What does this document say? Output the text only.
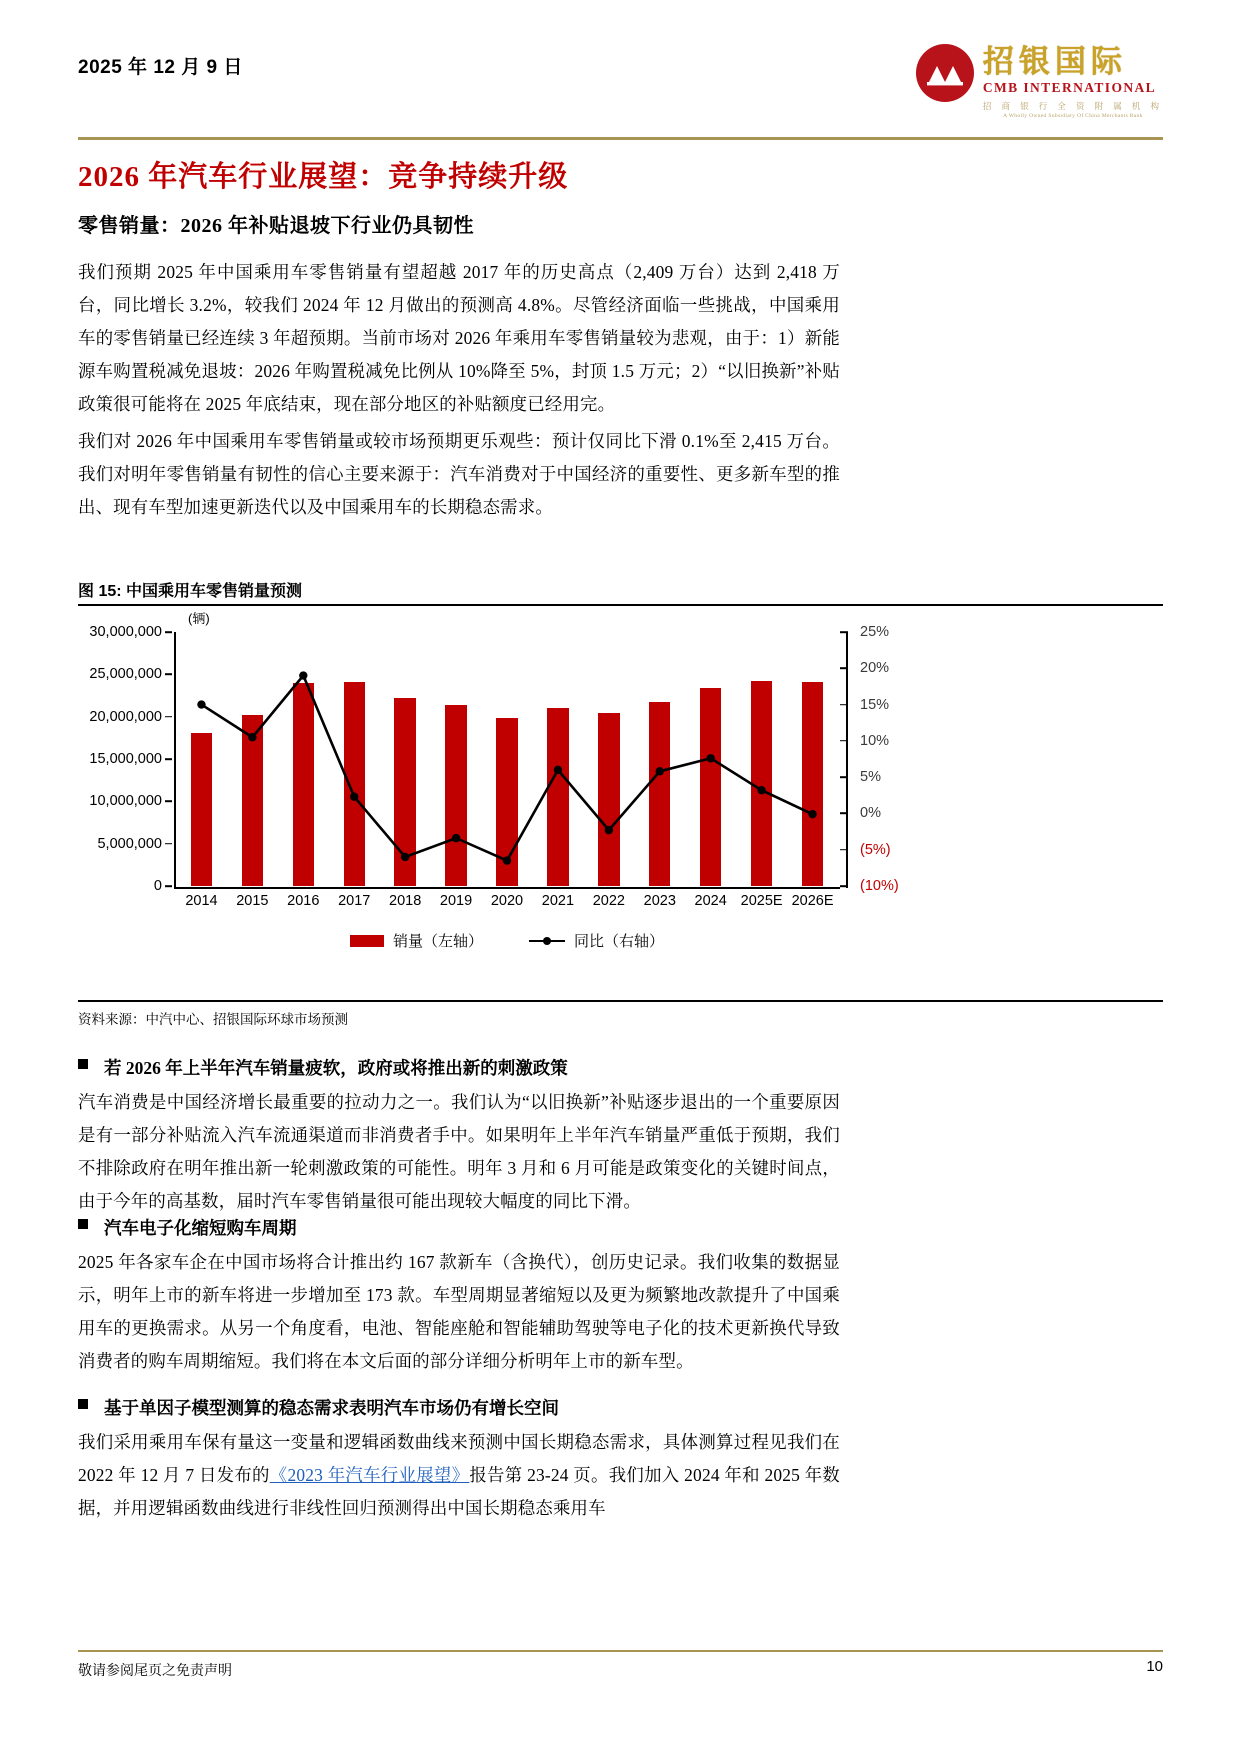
2025 年 12 月 9 日	招银国际
CMB INTERNATIONAL
招 商 银 行 全 资 附 属 机 构
A Wholly Owned Subsidiary Of China Merchants Bank
2026 年汽车行业展望：竞争持续升级
零售销量：2026 年补贴退坡下行业仍具韧性
我们预期 2025 年中国乘用车零售销量有望超越 2017 年的历史高点（2,409 万台）达到 2,418 万台，同比增长 3.2%，较我们 2024 年 12 月做出的预测高 4.8%。尽管经济面临一些挑战，中国乘用车的零售销量已经连续 3 年超预期。当前市场对 2026 年乘用车零售销量较为悲观，由于：1）新能源车购置税减免退坡：2026 年购置税减免比例从 10%降至 5%，封顶 1.5 万元；2）“以旧换新”补贴政策很可能将在 2025 年底结束，现在部分地区的补贴额度已经用完。
我们对 2026 年中国乘用车零售销量或较市场预期更乐观些：预计仅同比下滑 0.1%至 2,415 万台。我们对明年零售销量有韧性的信心主要来源于：汽车消费对于中国经济的重要性、更多新车型的推出、现有车型加速更新迭代以及中国乘用车的长期稳态需求。
图 15: 中国乘用车零售销量预测
(辆)
0
5,000,000
10,000,000
15,000,000
20,000,000
25,000,000
30,000,000
(10%)
(5%)
0%
5%
10%
15%
20%
25%
2014 2015 2016 2017 2018 2019 2020 2021 2022 2023 2024 2025E 2026E
销量（左轴）	同比（右轴）
资料来源：中汽中心、招银国际环球市场预测
若 2026 年上半年汽车销量疲软，政府或将推出新的刺激政策
汽车消费是中国经济增长最重要的拉动力之一。我们认为“以旧换新”补贴逐步退出的一个重要原因是有一部分补贴流入汽车流通渠道而非消费者手中。如果明年上半年汽车销量严重低于预期，我们不排除政府在明年推出新一轮刺激政策的可能性。明年 3 月和 6 月可能是政策变化的关键时间点，由于今年的高基数，届时汽车零售销量很可能出现较大幅度的同比下滑。
汽车电子化缩短购车周期
2025 年各家车企在中国市场将合计推出约 167 款新车（含换代），创历史记录。我们收集的数据显示，明年上市的新车将进一步增加至 173 款。车型周期显著缩短以及更为频繁地改款提升了中国乘用车的更换需求。从另一个角度看，电池、智能座舱和智能辅助驾驶等电子化的技术更新换代导致消费者的购车周期缩短。我们将在本文后面的部分详细分析明年上市的新车型。
基于单因子模型测算的稳态需求表明汽车市场仍有增长空间
我们采用乘用车保有量这一变量和逻辑函数曲线来预测中国长期稳态需求，具体测算过程见我们在 2022 年 12 月 7 日发布的《2023 年汽车行业展望》报告第 23-24 页。我们加入 2024 年和 2025 年数据，并用逻辑函数曲线进行非线性回归预测得出中国长期稳态乘用车
敬请参阅尾页之免责声明	10
